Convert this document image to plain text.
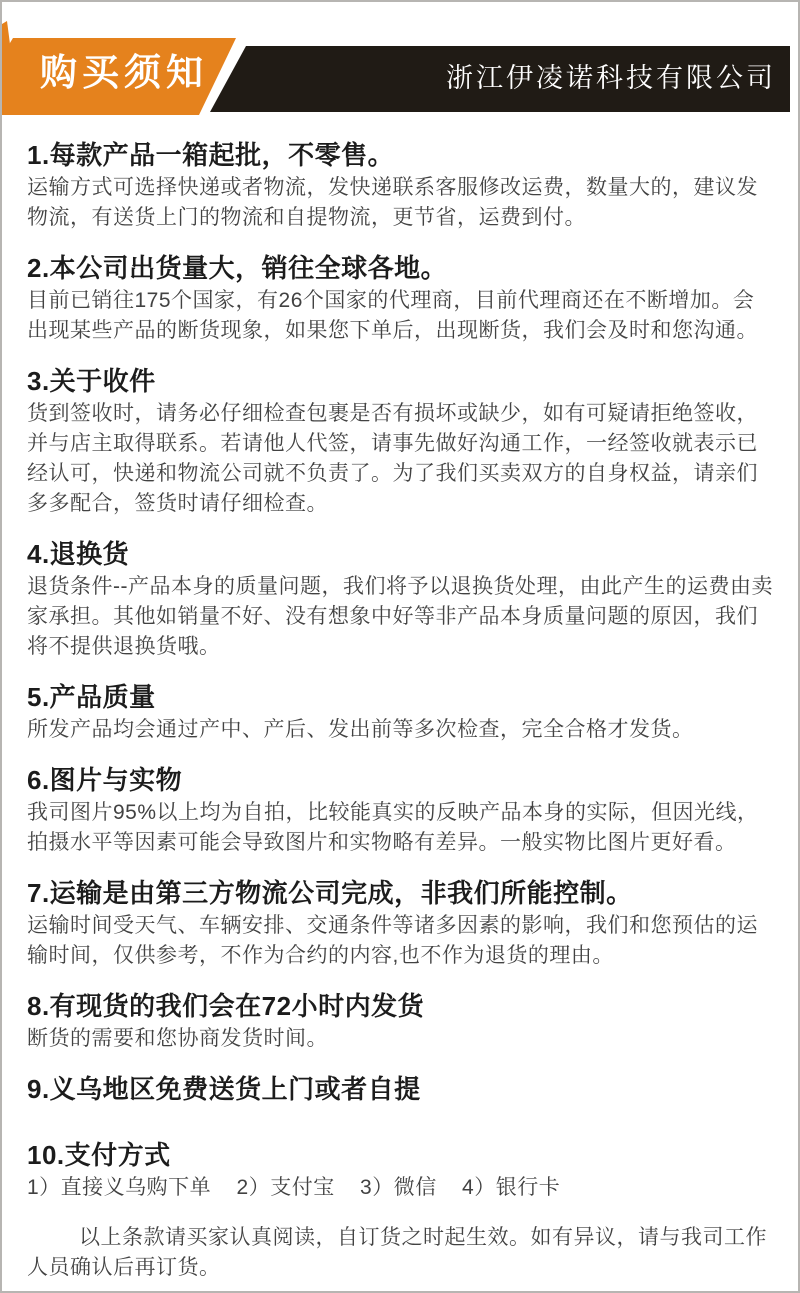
购买须知	浙江伊凌诺科技有限公司
1.每款产品一箱起批，不零售。

运输方式可选择快递或者物流，发快递联系客服修改运费，数量大的，建议发物流，有送货上门的物流和自提物流，更节省，运费到付。

2.本公司出货量大，销往全球各地。

目前已销往175个国家，有26个国家的代理商，目前代理商还在不断增加。会出现某些产品的断货现象，如果您下单后，出现断货，我们会及时和您沟通。

3.关于收件

货到签收时，请务必仔细检查包裹是否有损坏或缺少，如有可疑请拒绝签收，并与店主取得联系。若请他人代签，请事先做好沟通工作，一经签收就表示已经认可，快递和物流公司就不负责了。为了我们买卖双方的自身权益，请亲们多多配合，签货时请仔细检查。

4.退换货

退货条件--产品本身的质量问题，我们将予以退换货处理，由此产生的运费由卖家承担。其他如销量不好、没有想象中好等非产品本身质量问题的原因，我们将不提供退换货哦。

5.产品质量

所发产品均会通过产中、产后、发出前等多次检查，完全合格才发货。

6.图片与实物

我司图片95%以上均为自拍，比较能真实的反映产品本身的实际，但因光线，拍摄水平等因素可能会导致图片和实物略有差异。一般实物比图片更好看。

7.运输是由第三方物流公司完成，非我们所能控制。

运输时间受天气、车辆安排、交通条件等诸多因素的影响，我们和您预估的运输时间，仅供参考，不作为合约的内容,也不作为退货的理由。

8.有现货的我们会在72小时内发货

断货的需要和您协商发货时间。

9.义乌地区免费送货上门或者自提
10.支付方式

1）直接义乌购下单    2）支付宝    3）微信    4）银行卡

以上条款请买家认真阅读，自订货之时起生效。如有异议，请与我司工作人员确认后再订货。
